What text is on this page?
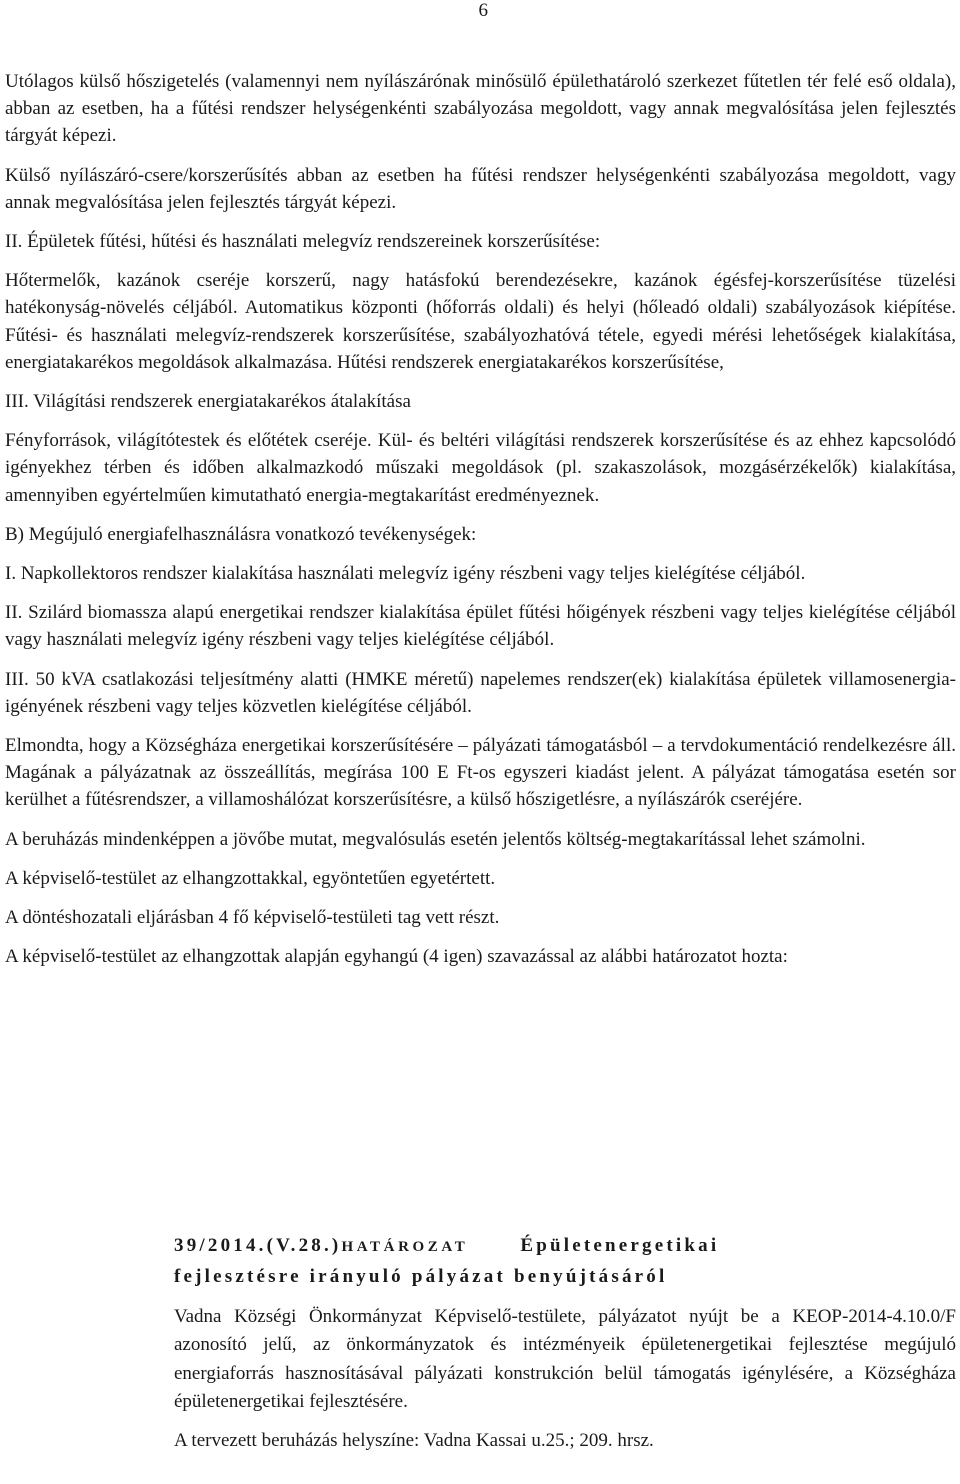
6

Utólagos külső hőszigetelés (valamennyi nem nyílászárónak minősülő épülethatároló szerkezet fűtetlen tér felé eső oldala), abban az esetben, ha a fűtési rendszer helységenkénti szabályozása megoldott, vagy annak megvalósítása jelen fejlesztés tárgyát képezi.

Külső nyílászáró-csere/korszerűsítés abban az esetben ha fűtési rendszer helységenkénti szabályozása megoldott, vagy annak megvalósítása jelen fejlesztés tárgyát képezi.

II. Épületek fűtési, hűtési és használati melegvíz rendszereinek korszerűsítése:

Hőtermelők, kazánok cseréje korszerű, nagy hatásfokú berendezésekre, kazánok égésfej-korszerűsítése tüzelési hatékonyság-növelés céljából. Automatikus központi (hőforrás oldali) és helyi (hőleadó oldali) szabályozások kiépítése. Fűtési- és használati melegvíz-rendszerek korszerűsítése, szabályozhatóvá tétele, egyedi mérési lehetőségek kialakítása, energiatakarékos megoldások alkalmazása. Hűtési rendszerek energiatakarékos korszerűsítése,

III. Világítási rendszerek energiatakarékos átalakítása

Fényforrások, világítótestek és előtétek cseréje. Kül- és beltéri világítási rendszerek korszerűsítése és az ehhez kapcsolódó igényekhez térben és időben alkalmazkodó műszaki megoldások (pl. szakaszolások, mozgásérzékelők) kialakítása, amennyiben egyértelműen kimutatható energia-megtakarítást eredményeznek.

B) Megújuló energiafelhasználásra vonatkozó tevékenységek:

I. Napkollektoros rendszer kialakítása használati melegvíz igény részbeni vagy teljes kielégítése céljából.

II. Szilárd biomassza alapú energetikai rendszer kialakítása épület fűtési hőigények részbeni vagy teljes kielégítése céljából vagy használati melegvíz igény részbeni vagy teljes kielégítése céljából.

III. 50 kVA csatlakozási teljesítmény alatti (HMKE méretű) napelemes rendszer(ek) kialakítása épületek villamosenergia-igényének részbeni vagy teljes közvetlen kielégítése céljából.

Elmondta, hogy a Községháza energetikai korszerűsítésére – pályázati támogatásból – a tervdokumentáció rendelkezésre áll. Magának a pályázatnak az összeállítás, megírása 100 E Ft-os egyszeri kiadást jelent. A pályázat támogatása esetén sor kerülhet a fűtésrendszer, a villamoshálózat korszerűsítésre, a külső hőszigetlésre, a nyílászárók cseréjére.

A beruházás mindenképpen a jövőbe mutat, megvalósulás esetén jelentős költség-megtakarítással lehet számolni.

A képviselő-testület az elhangzottakkal, egyöntetűen egyetértett.

A döntéshozatali eljárásban 4 fő képviselő-testületi tag vett részt.

A képviselő-testület az elhangzottak alapján egyhangú (4 igen) szavazással az alábbi határozatot hozta:

39/2014.(V.28.)HATÁROZAT	Épületenergetikai
fejlesztésre irányuló pályázat benyújtásáról

Vadna Községi Önkormányzat Képviselő-testülete, pályázatot nyújt be a KEOP-2014-4.10.0/F azonosító jelű, az önkormányzatok és intézményeik épületenergetikai fejlesztése megújuló energiaforrás hasznosításával pályázati konstrukción belül támogatás igénylésére, a Községháza épületenergetikai fejlesztésére.

A tervezett beruházás helyszíne: Vadna Kassai u.25.; 209. hrsz.
